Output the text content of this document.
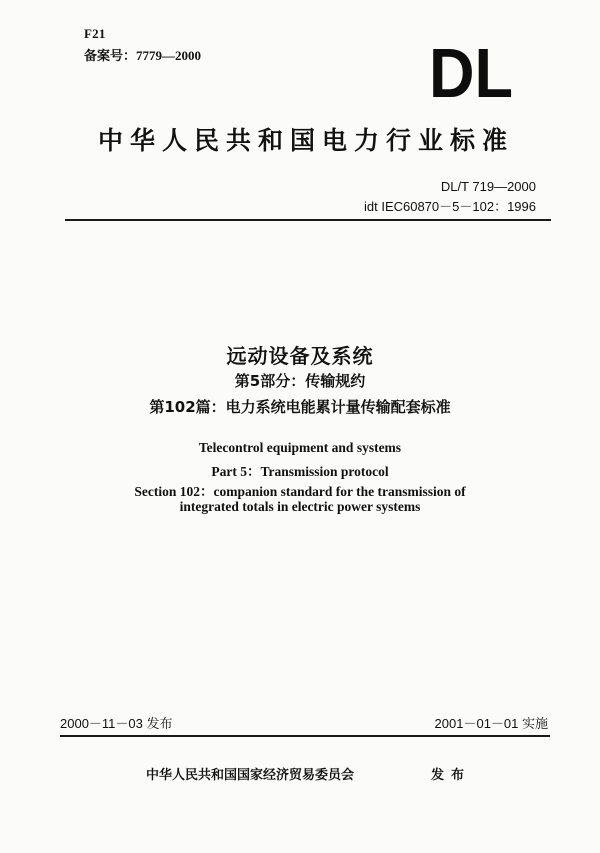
F21
备案号：7779—2000	DL
中华人民共和国电力行业标准
DL/T 719—2000
idt IEC60870－5－102：1996
远动设备及系统
第5部分：传输规约
第102篇：电力系统电能累计量传输配套标准
Telecontrol equipment and systems
Part 5：Transmission protocol
Section 102：companion standard for the transmission of
integrated totals in electric power systems
2000－11－03 发布	2001－01－01 实施
中华人民共和国国家经济贸易委员会	发布
